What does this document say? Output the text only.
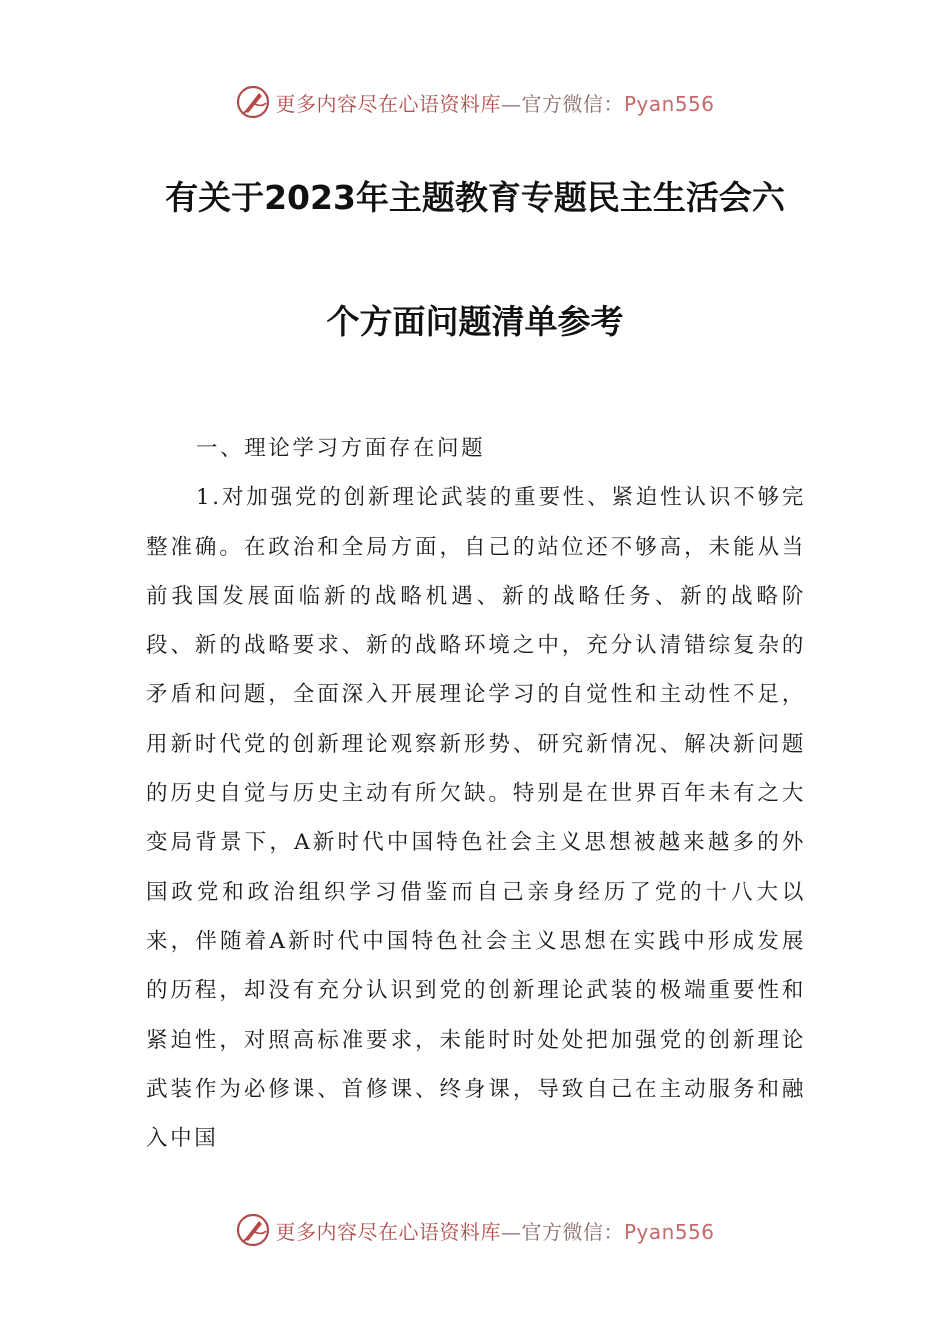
更多内容尽在心语资料库—官方微信：Pyan556
有关于2023年主题教育专题民主生活会六
个方面问题清单参考

一、理论学习方面存在问题

1.对加强党的创新理论武装的重要性、紧迫性认识不够完整准确。在政治和全局方面，自己的站位还不够高，未能从当前我国发展面临新的战略机遇、新的战略任务、新的战略阶段、新的战略要求、新的战略环境之中，充分认清错综复杂的矛盾和问题，全面深入开展理论学习的自觉性和主动性不足，用新时代党的创新理论观察新形势、研究新情况、解决新问题的历史自觉与历史主动有所欠缺。特别是在世界百年未有之大变局背景下，A新时代中国特色社会主义思想被越来越多的外国政党和政治组织学习借鉴而自己亲身经历了党的十八大以来，伴随着A新时代中国特色社会主义思想在实践中形成发展的历程，却没有充分认识到党的创新理论武装的极端重要性和紧迫性，对照高标准要求，未能时时处处把加强党的创新理论武装作为必修课、首修课、终身课，导致自己在主动服务和融入中国

更多内容尽在心语资料库—官方微信：Pyan556
